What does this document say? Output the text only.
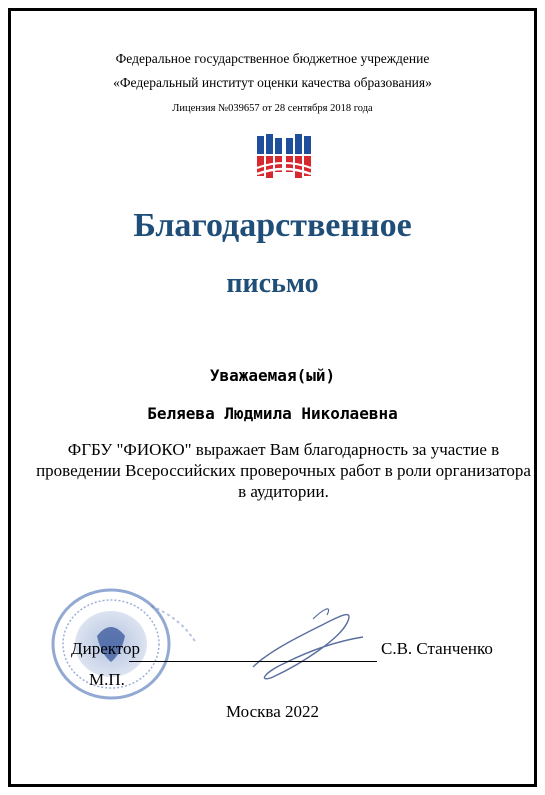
Федеральное государственное бюджетное учреждение
«Федеральный институт оценки качества образования»
Лицензия №039657 от 28 сентября 2018 года
Благодарственное
письмо
Уважаемая(ый)
Беляева Людмила Николаевна
ФГБУ "ФИОКО" выражает Вам благодарность за участие в проведении Всероссийских проверочных работ в роли организатора в аудитории.
Директор
М.П.
С.В. Станченко
Москва 2022
